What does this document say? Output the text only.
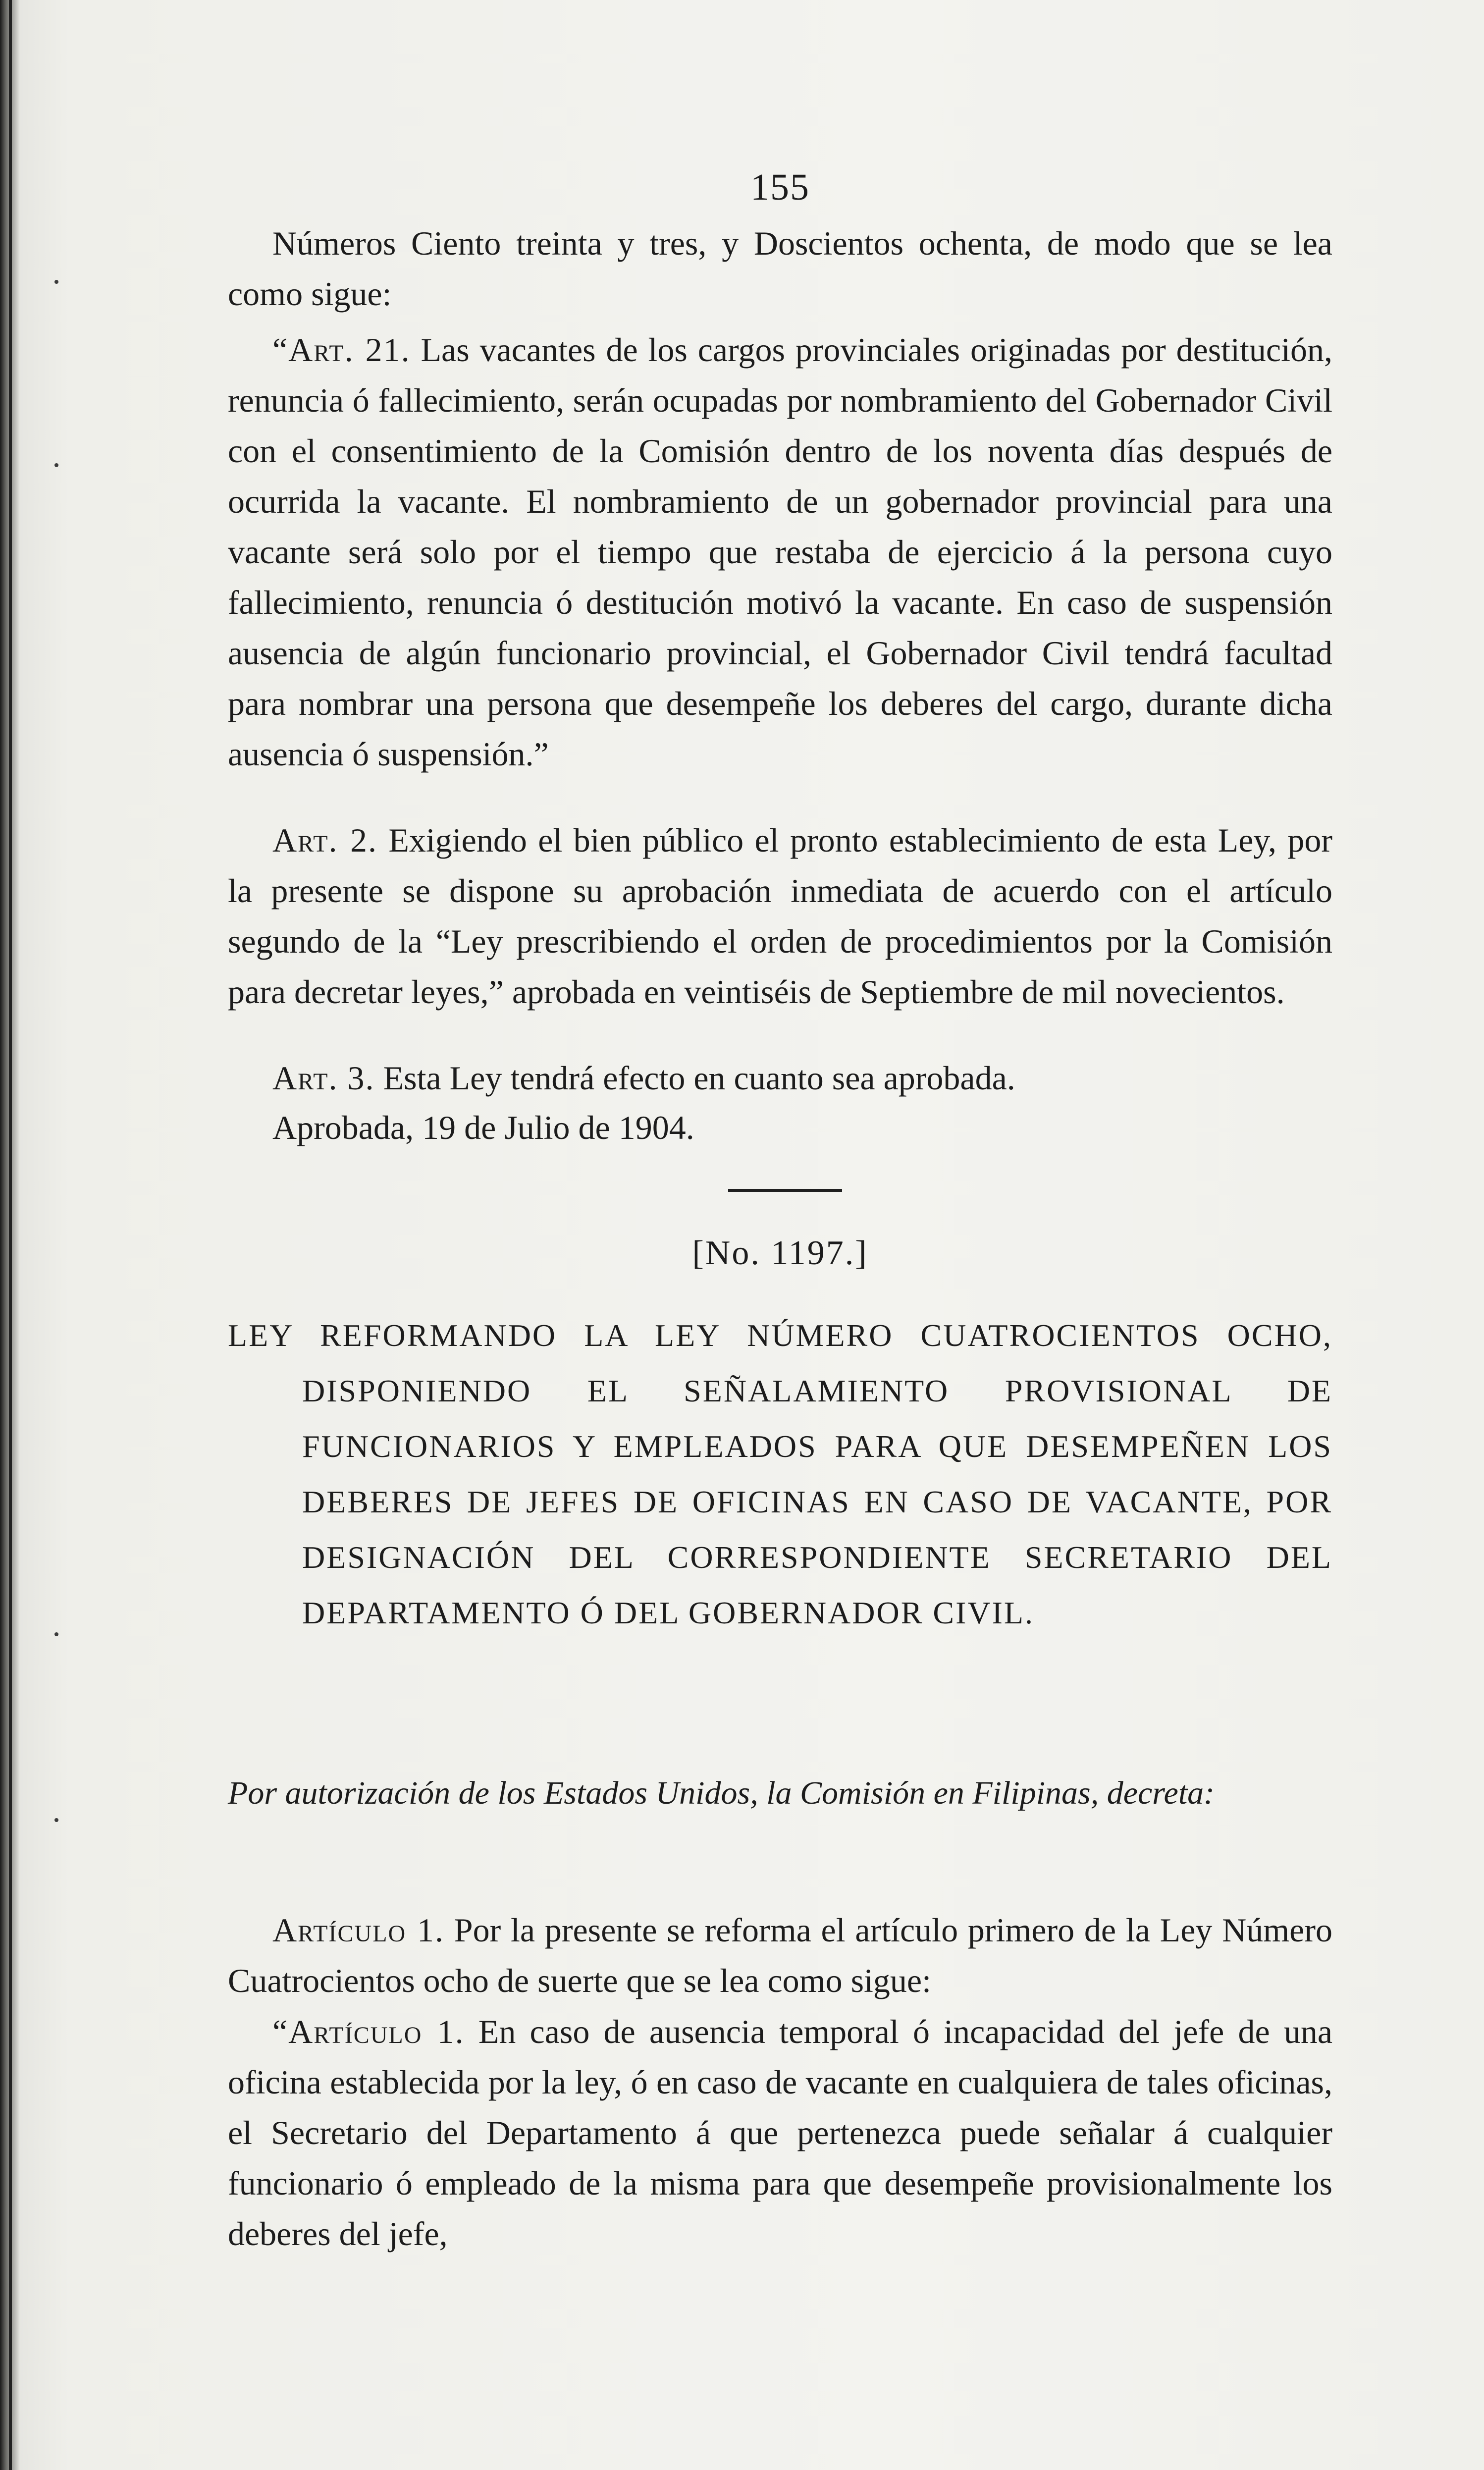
155
Números Ciento treinta y tres, y Doscientos ochenta, de modo que se lea como sigue:
“Art. 21. Las vacantes de los cargos provinciales originadas por destitución, renuncia ó fallecimiento, serán ocupadas por nombramiento del Gobernador Civil con el consentimiento de la Comisión dentro de los noventa días después de ocurrida la vacante. El nombramiento de un gobernador provincial para una vacante será solo por el tiempo que restaba de ejercicio á la persona cuyo fallecimiento, renuncia ó destitución motivó la vacante. En caso de suspensión ausencia de algún funcionario provincial, el Gobernador Civil tendrá facultad para nombrar una persona que desempeñe los deberes del cargo, durante dicha ausencia ó suspensión.”
Art. 2. Exigiendo el bien público el pronto establecimiento de esta Ley, por la presente se dispone su aprobación inmediata de acuerdo con el artículo segundo de la “Ley prescribiendo el orden de procedimientos por la Comisión para decretar leyes,” aprobada en veintiséis de Septiembre de mil novecientos.
Art. 3. Esta Ley tendrá efecto en cuanto sea aprobada.
Aprobada, 19 de Julio de 1904.
[No. 1197.]
LEY REFORMANDO LA LEY NÚMERO CUATROCIENTOS OCHO, DISPONIENDO EL SEÑALAMIENTO PROVISIONAL DE FUNCIONARIOS Y EMPLEADOS PARA QUE DESEMPEÑEN LOS DEBERES DE JEFES DE OFICINAS EN CASO DE VACANTE, POR DESIGNACIÓN DEL CORRESPONDIENTE SECRETARIO DEL DEPARTAMENTO Ó DEL GOBERNADOR CIVIL.
Por autorización de los Estados Unidos, la Comisión en Filipinas, decreta:
Artículo 1. Por la presente se reforma el artículo primero de la Ley Número Cuatrocientos ocho de suerte que se lea como sigue:
“Artículo 1. En caso de ausencia temporal ó incapacidad del jefe de una oficina establecida por la ley, ó en caso de vacante en cualquiera de tales oficinas, el Secretario del Departamento á que pertenezca puede señalar á cualquier funcionario ó empleado de la misma para que desempeñe provisionalmente los deberes del jefe,
